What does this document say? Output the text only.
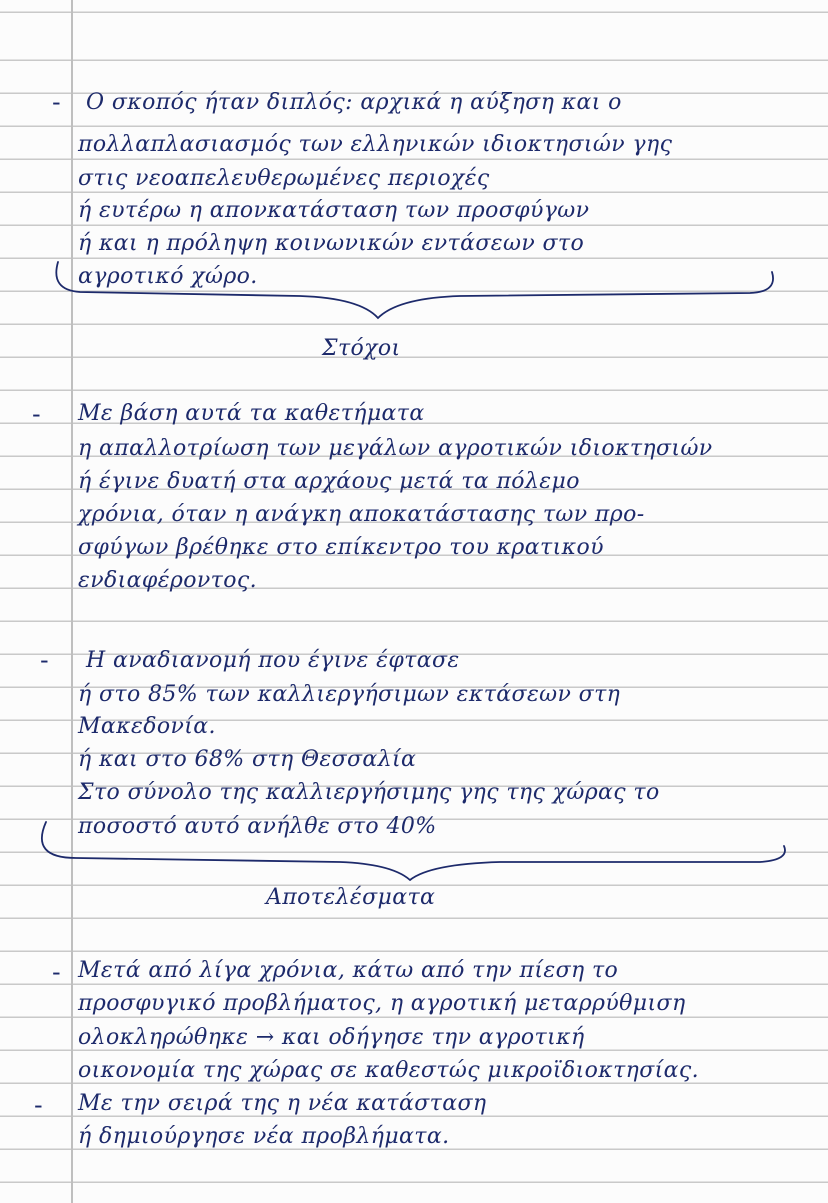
- Ο σκοπός ήταν διπλός: αρχικά η αύξηση και ο

πολλαπλασιασμός των ελληνικών ιδιοκτησιών γης

στις νεοαπελευθερωμένες περιοχές

ή ευτέρω η απονκατάσταση των προσφύγων

ή και η πρόληψη κοινωνικών εντάσεων στο

αγροτικό χώρο.

Στόχοι

- Με βάση αυτά τα καθετήματα

η απαλλοτρίωση των μεγάλων αγροτικών ιδιοκτησιών

ή έγινε δυατή στα αρχάους μετά τα πόλεμο

χρόνια, όταν η ανάγκη αποκατάστασης των προ-

σφύγων βρέθηκε στο επίκεντρο του κρατικού

ενδιαφέροντος.

- Η αναδιανομή που έγινε έφτασε

ή στο 85% των καλλιεργήσιμων εκτάσεων στη

Μακεδονία.

ή και στο 68% στη Θεσσαλία

Στο σύνολο της καλλιεργήσιμης γης της χώρας το

ποσοστό αυτό ανήλθε στο 40%

Αποτελέσματα

- Μετά από λίγα χρόνια, κάτω από την πίεση το

προσφυγικό προβλήματος, η αγροτική μεταρρύθμιση

ολοκληρώθηκε → και οδήγησε την αγροτική

οικονομία της χώρας σε καθεστώς μικροϊδιοκτησίας.

- Με την σειρά της η νέα κατάσταση

ή δημιούργησε νέα προβλήματα.
